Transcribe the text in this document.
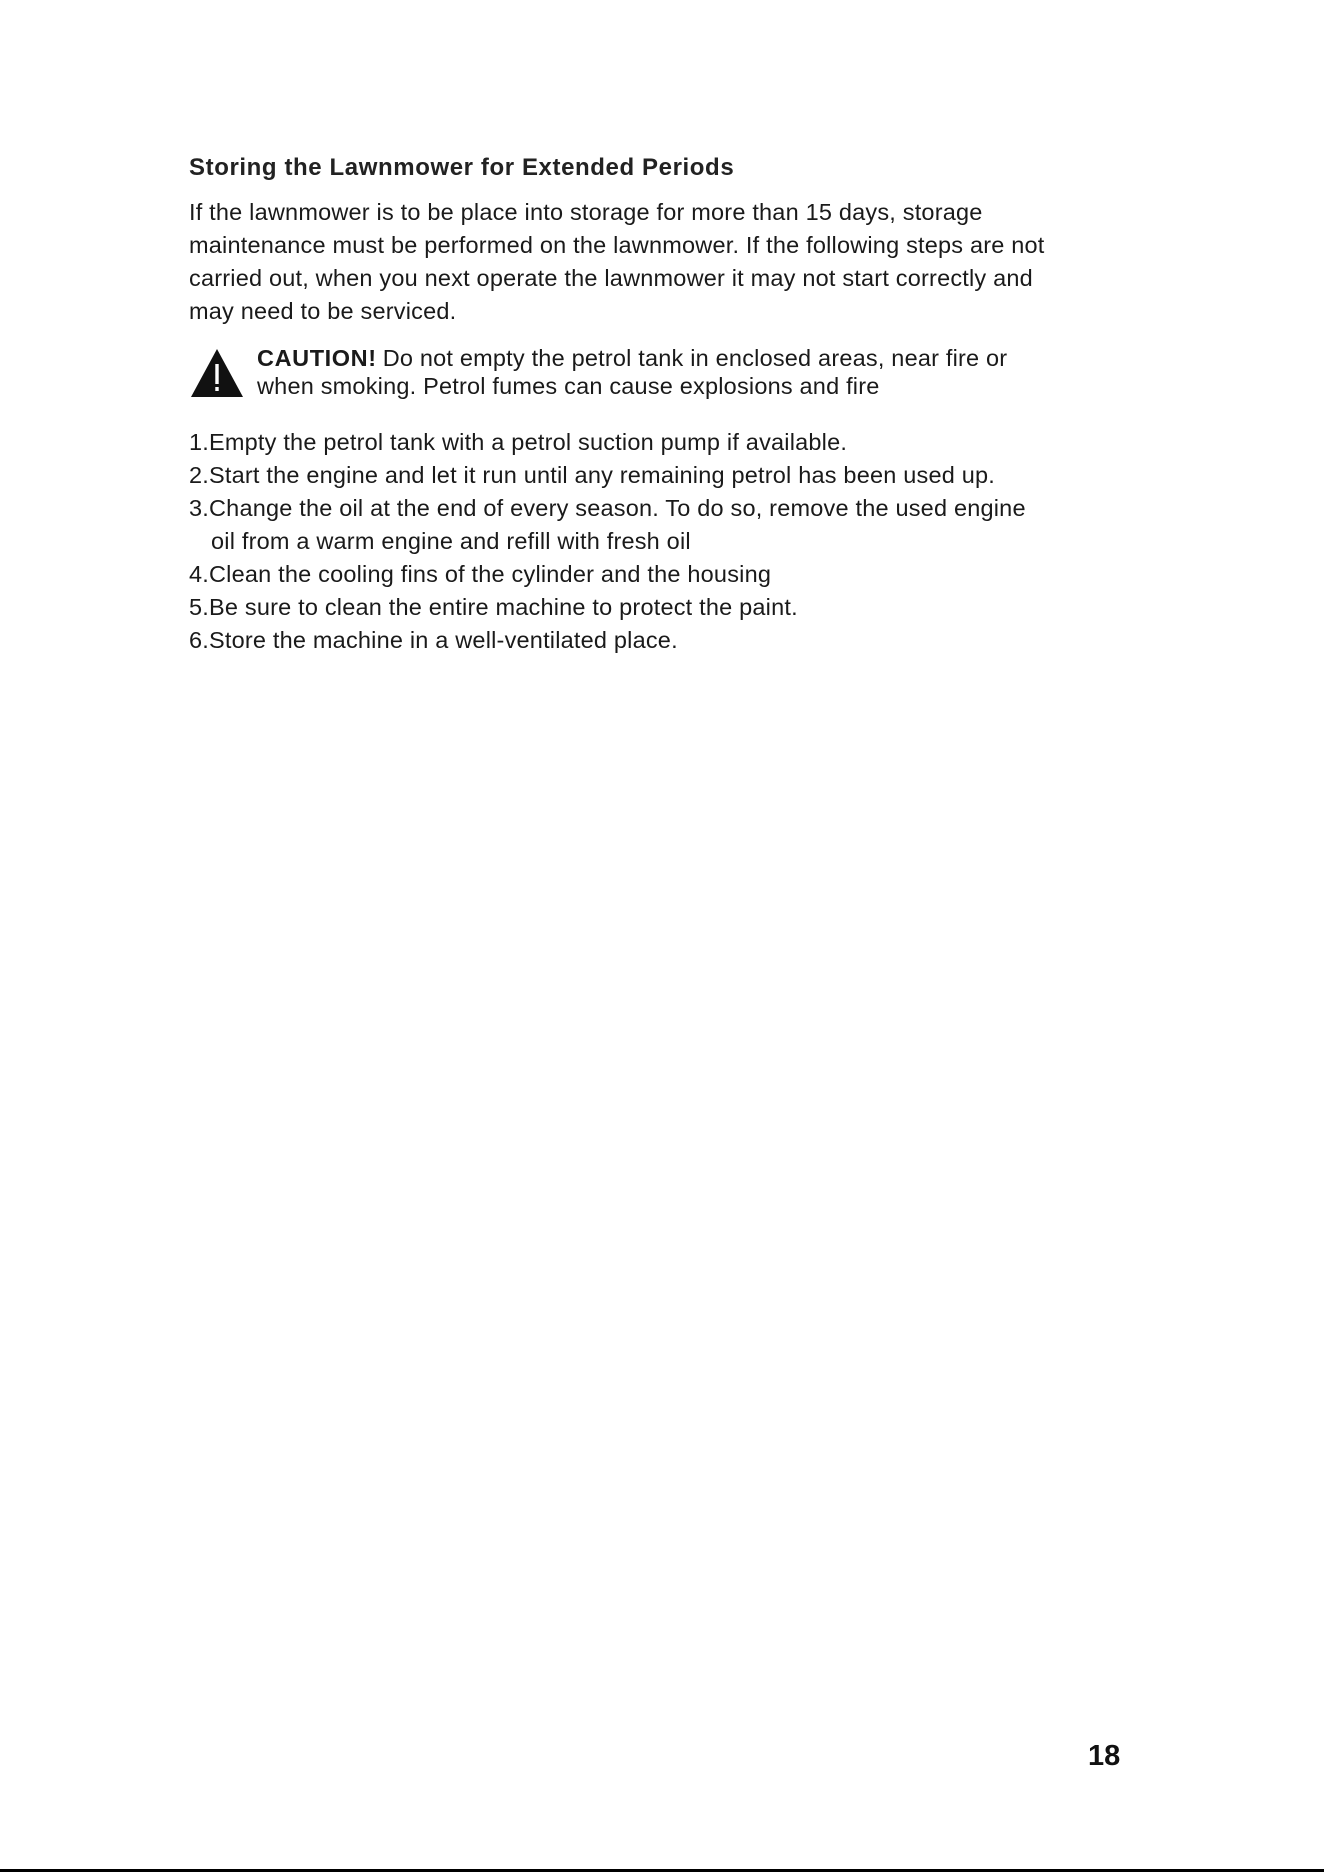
Storing the Lawnmower for Extended Periods

If the lawnmower is to be place into storage for more than 15 days, storage

maintenance must be performed on the lawnmower. If the following steps are not

carried out, when you next operate the lawnmower it may not start correctly and

may need to be serviced.

CAUTION! Do not empty the petrol tank in enclosed areas, near fire or
when smoking. Petrol fumes can cause explosions and fire
1.Empty the petrol tank with a petrol suction pump if available.
2.Start the engine and let it run until any remaining petrol has been used up.
3.Change the oil at the end of every season. To do so, remove the used engine
oil from a warm engine and refill with fresh oil
4.Clean the cooling fins of the cylinder and the housing
5.Be sure to clean the entire machine to protect the paint.
6.Store the machine in a well-ventilated place.
18
